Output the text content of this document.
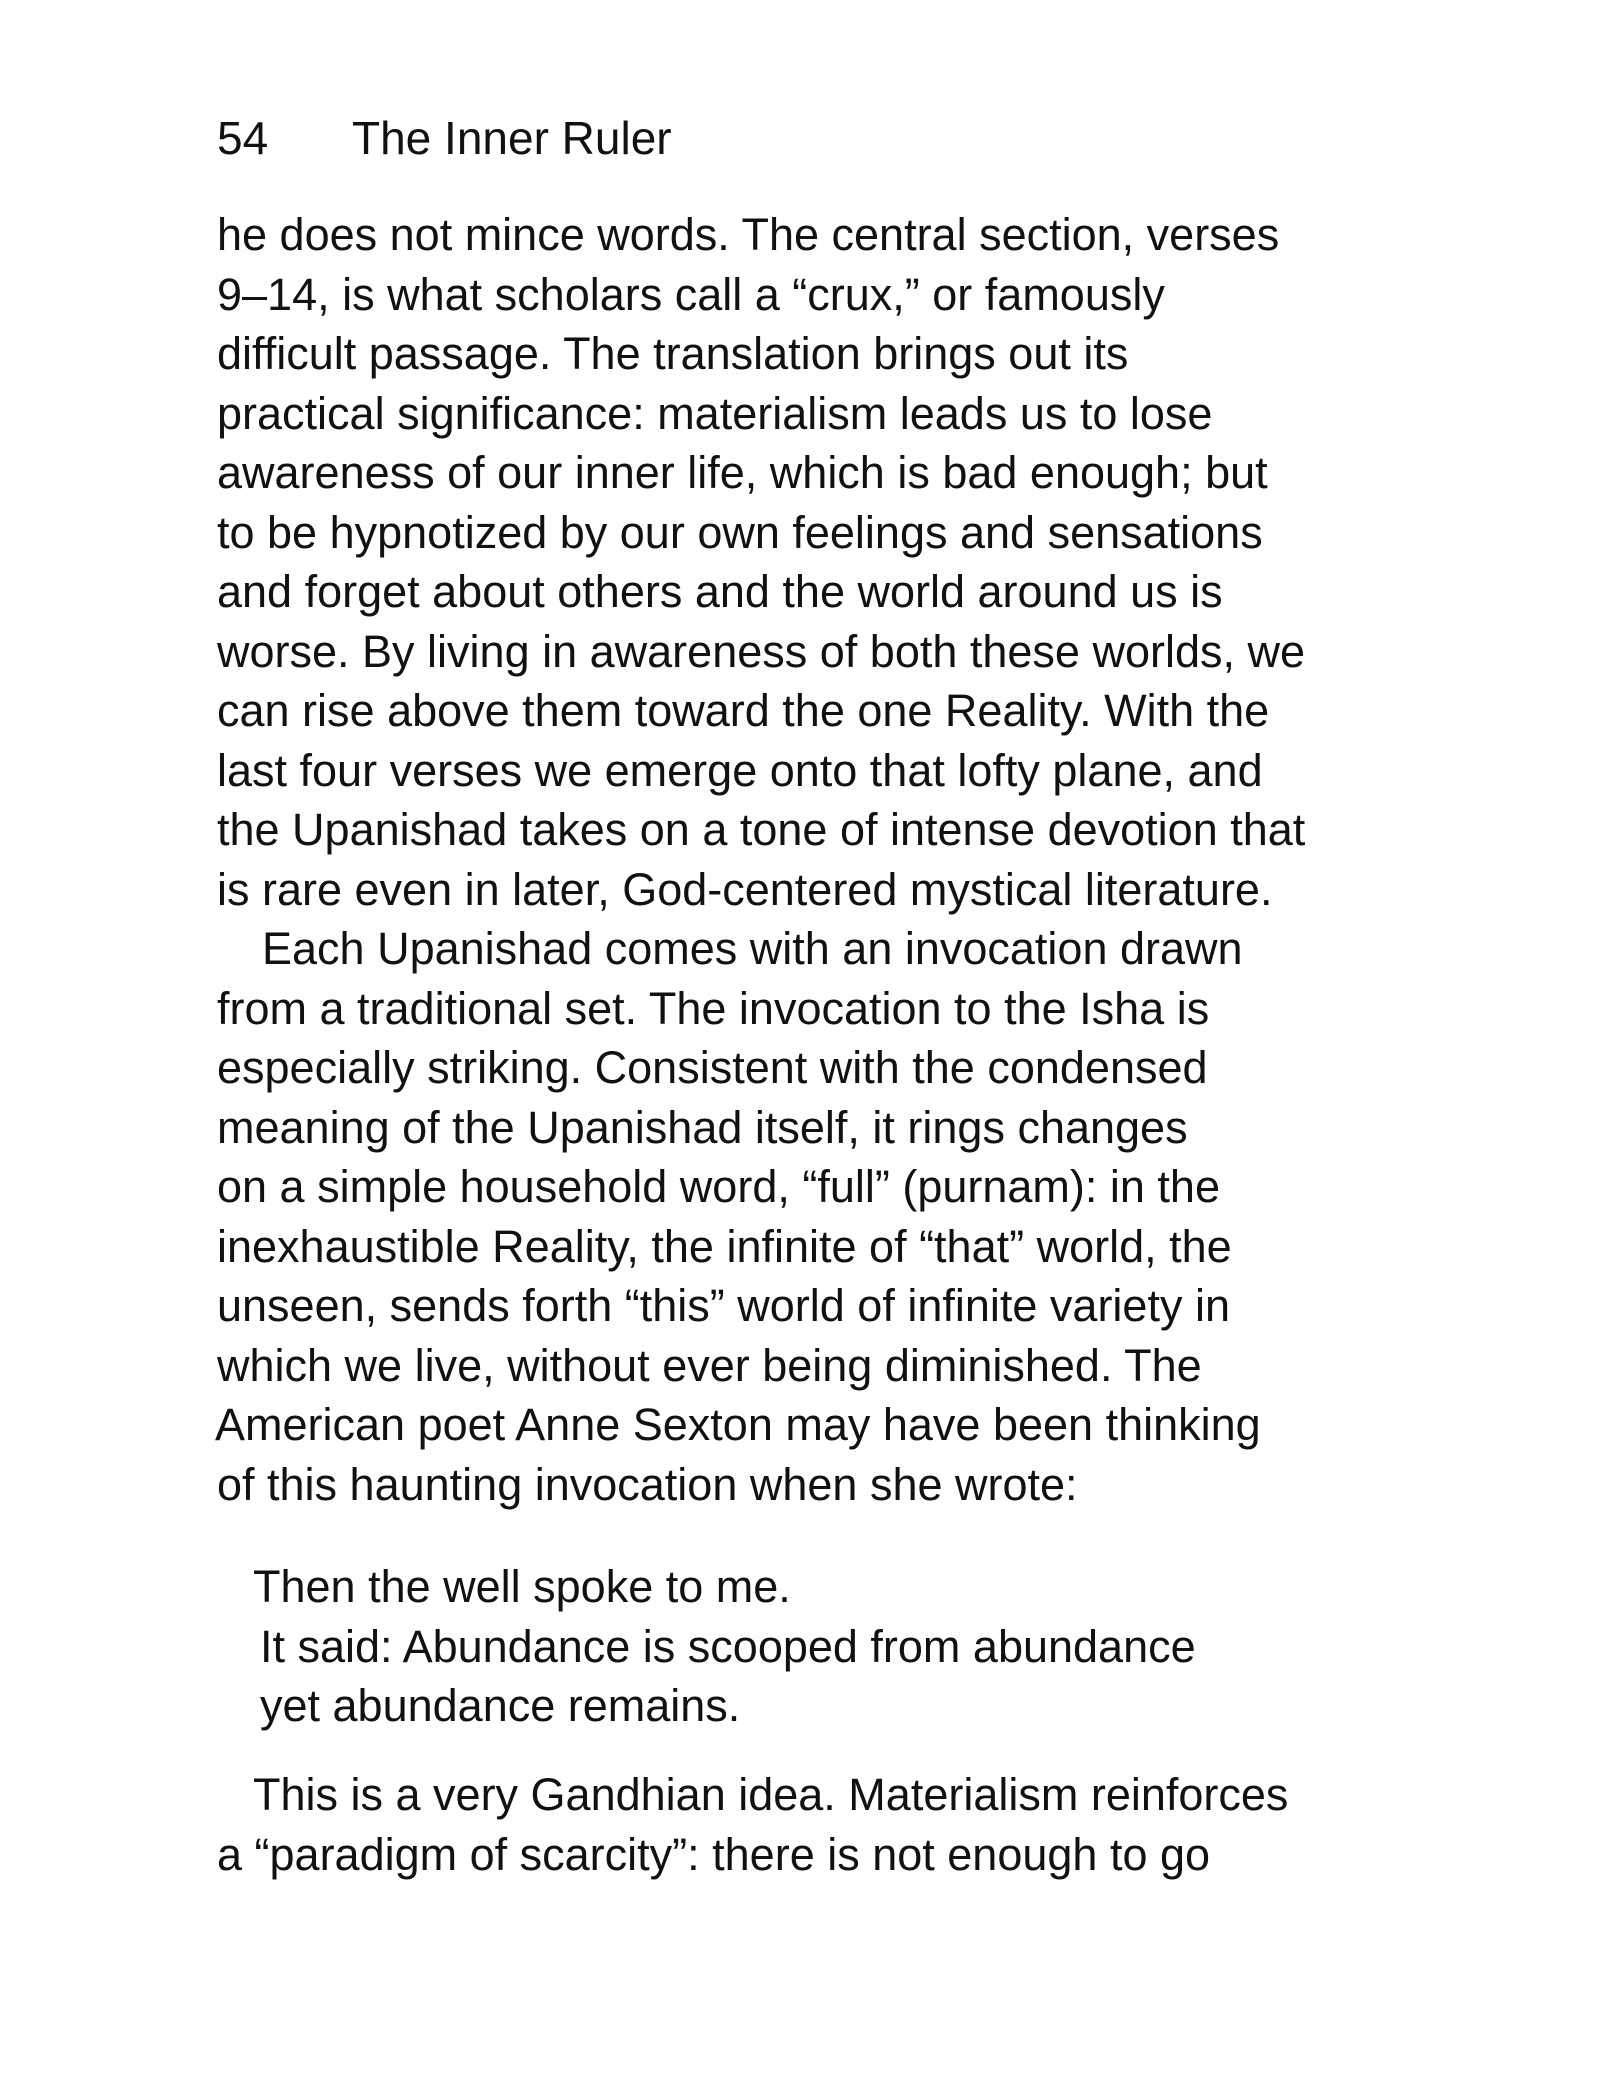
54 The Inner Ruler
he does not mince words. The central section, verses
9–14, is what scholars call a “crux,” or famously
difficult passage. The translation brings out its
practical significance: materialism leads us to lose
awareness of our inner life, which is bad enough; but
to be hypnotized by our own feelings and sensations
and forget about others and the world around us is
worse. By living in awareness of both these worlds, we
can rise above them toward the one Reality. With the
last four verses we emerge onto that lofty plane, and
the Upanishad takes on a tone of intense devotion that
is rare even in later, God-centered mystical literature.
Each Upanishad comes with an invocation drawn
from a traditional set. The invocation to the Isha is
especially striking. Consistent with the condensed
meaning of the Upanishad itself, it rings changes
on a simple household word, “full” (purnam): in the
inexhaustible Reality, the infinite of “that” world, the
unseen, sends forth “this” world of infinite variety in
which we live, without ever being diminished. The
American poet Anne Sexton may have been thinking
of this haunting invocation when she wrote:
Then the well spoke to me.
It said: Abundance is scooped from abundance
yet abundance remains.
This is a very Gandhian idea. Materialism reinforces
a “paradigm of scarcity”: there is not enough to go
